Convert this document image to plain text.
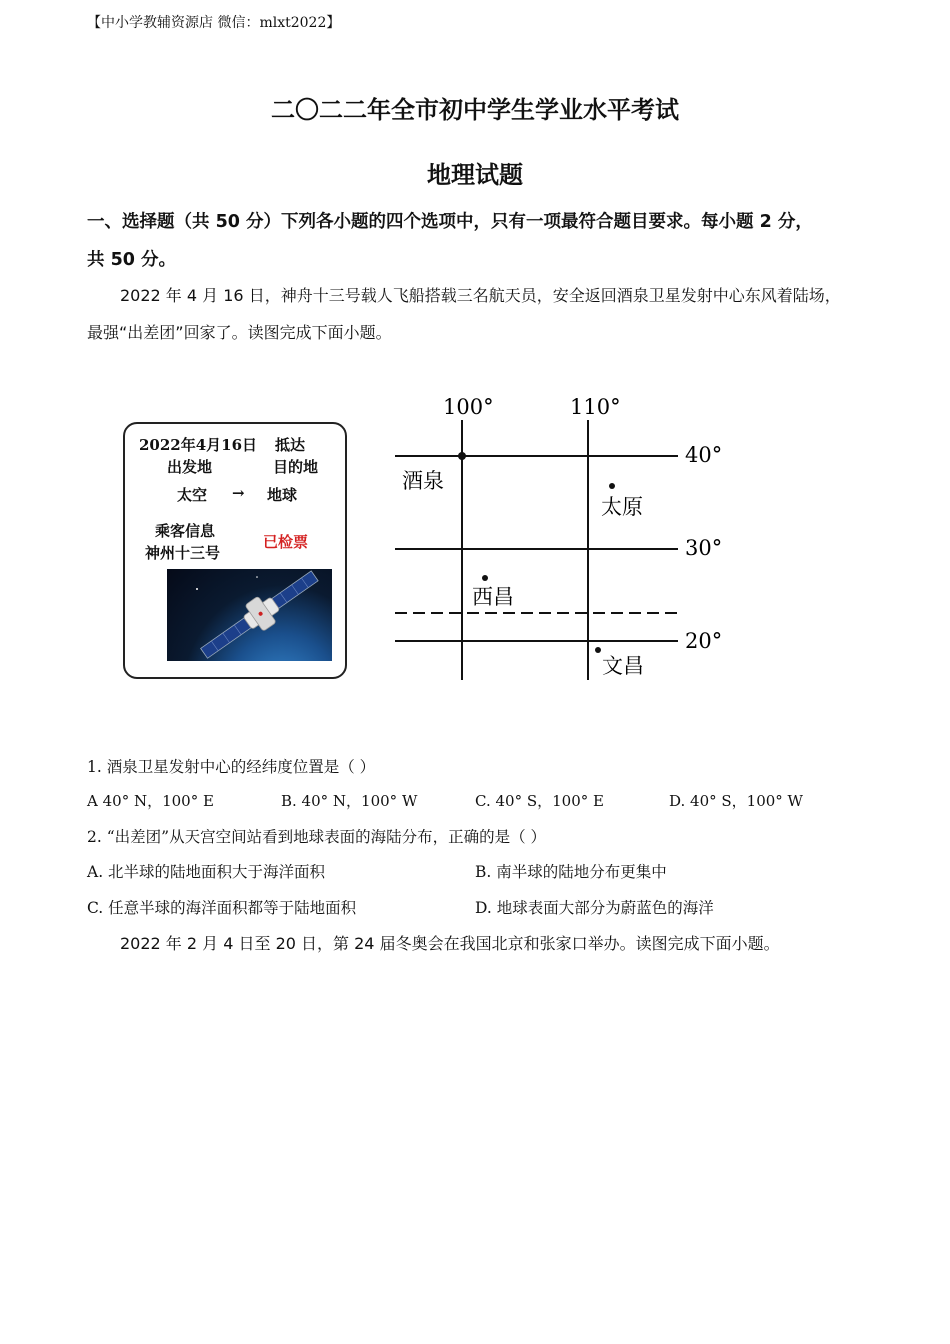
【中小学教辅资源店 微信：mlxt2022】
二〇二二年全市初中学生学业水平考试
地理试题
一、选择题（共 50 分）下列各小题的四个选项中，只有一项最符合题目要求。每小题 2 分，
共 50 分。
2022 年 4 月 16 日，神舟十三号载人飞船搭载三名航天员，安全返回酒泉卫星发射中心东风着陆场，
最强“出差团”回家了。读图完成下面小题。
2022年4月16日 抵达
出发地	目的地
太空 → 地球
乘客信息
神州十三号
已检票
100°	110°
40°
30°
20°
酒泉
太原
西昌
文昌
1. 酒泉卫星发射中心的经纬度位置是（ ）
A 40° N，100° E	B. 40° N，100° W	C. 40° S，100° E	D. 40° S，100° W
2. “出差团”从天宫空间站看到地球表面的海陆分布，正确的是（ ）
A. 北半球的陆地面积大于海洋面积	B. 南半球的陆地分布更集中
C. 任意半球的海洋面积都等于陆地面积	D. 地球表面大部分为蔚蓝色的海洋
2022 年 2 月 4 日至 20 日，第 24 届冬奥会在我国北京和张家口举办。读图完成下面小题。
